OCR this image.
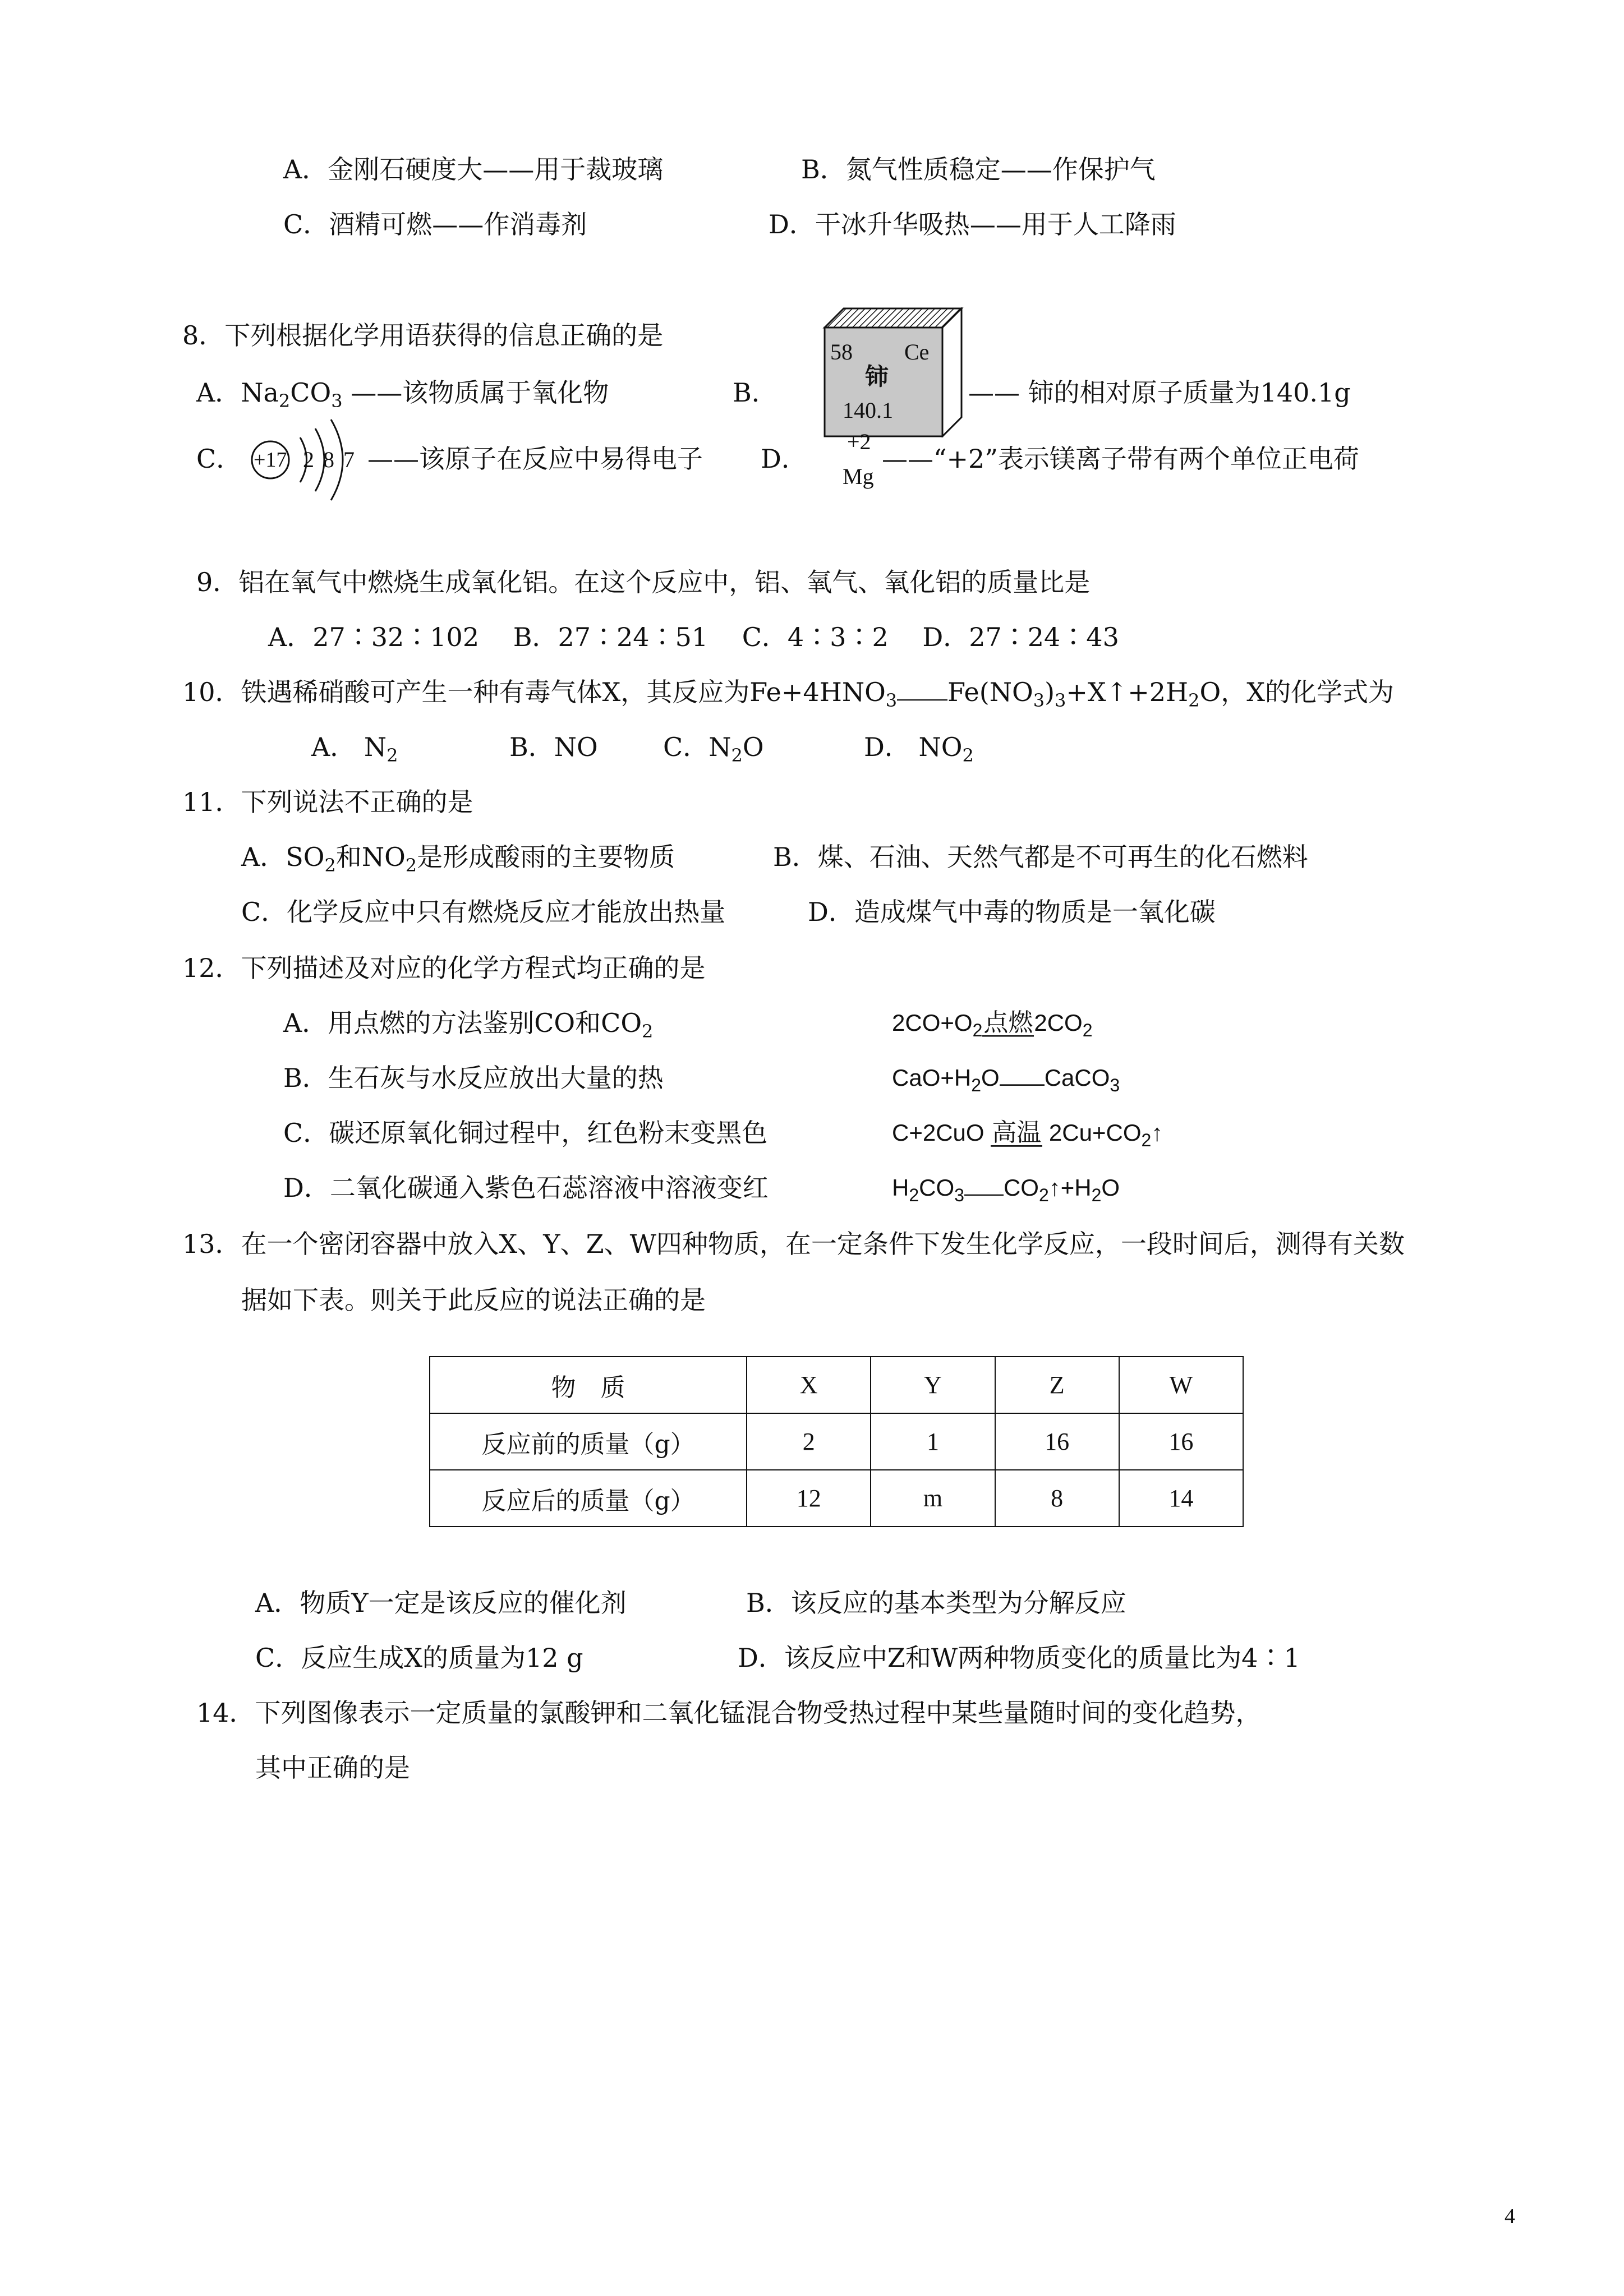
A．金刚石硬度大——用于裁玻璃	B．氮气性质稳定——作保护气
C．酒精可燃——作消毒剂	D．干冰升华吸热——用于人工降雨
8．下列根据化学用语获得的信息正确的是
A．$Na_2CO_3$ ——该物质属于氧化物	B．
58 Ce
铈
140.1
—— 铈的相对原子质量为140.1g
C． +17 2 8 7 ——该原子在反应中易得电子 D．
+2
Mg
——“+2”表示镁离子带有两个单位正电荷
9．铝在氧气中燃烧生成氧化铝。在这个反应中，铝、氧气、氧化铝的质量比是
A．27∶32∶102　 B．27∶24∶51　 C．4∶3∶2　 D．27∶24∶43
10．铁遇稀硝酸可产生一种有毒气体X，其反应为$Fe+4HNO_3$ $Fe(NO_3)_3+X↑+2H_2O$，X的化学式为
A． $N_2$	B．NO	C．$N_2O$	D． $NO_2$
11．下列说法不正确的是
A．$SO_2$和$NO_2$是形成酸雨的主要物质	B．煤、石油、天然气都是不可再生的化石燃料
C．化学反应中只有燃烧反应才能放出热量	D．造成煤气中毒的物质是一氧化碳
12．下列描述及对应的化学方程式均正确的是
A．用点燃的方法鉴别CO和$CO_2$	$2CO+O_2$点燃$2CO_2$
B．生石灰与水反应放出大量的热	$CaO+H_2O$ CaCO$_3$
C．碳还原氧化铜过程中，红色粉末变黑色	C+2CuO 高温 $2Cu+CO_2↑$
D．二氧化碳通入紫色石蕊溶液中溶液变红	$H_2CO_3$ $CO_2↑+H_2O$
13．在一个密闭容器中放入X、Y、Z、W四种物质，在一定条件下发生化学反应，一段时间后，测得有关数
据如下表。则关于此反应的说法正确的是
物　质	X	Y	Z	W
反应前的质量（g）	2	1	16	16
反应后的质量（g）	12	m	8	14
A．物质Y一定是该反应的催化剂	B．该反应的基本类型为分解反应
C．反应生成X的质量为12 g	D．该反应中Z和W两种物质变化的质量比为4∶1
14．下列图像表示一定质量的氯酸钾和二氧化锰混合物受热过程中某些量随时间的变化趋势，
其中正确的是
4
